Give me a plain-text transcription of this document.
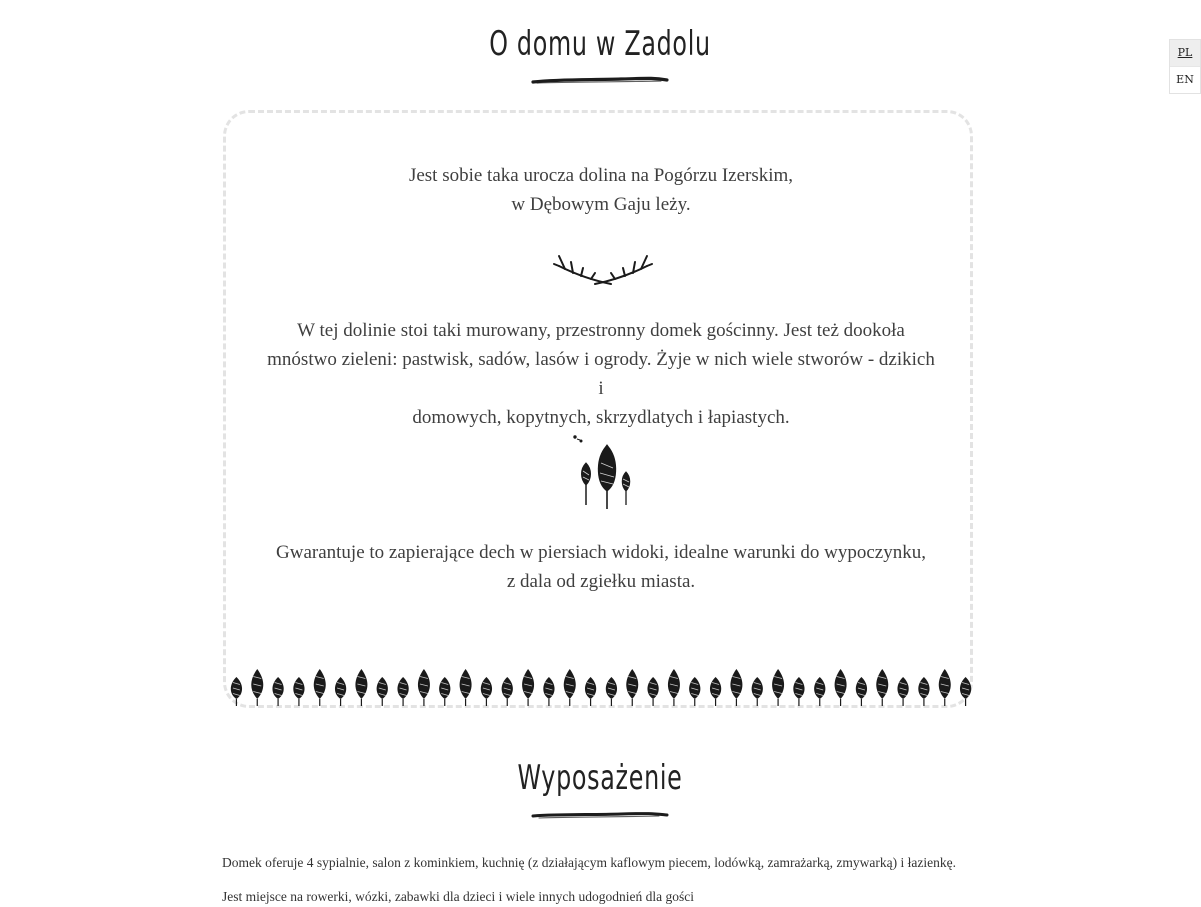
PL
EN
O domu w Zadolu

Jest sobie taka urocza dolina na Pogórzu Izerskim,
w Dębowym Gaju leży.

W tej dolinie stoi taki murowany, przestronny domek gościnny. Jest też dookoła
mnóstwo zieleni: pastwisk, sadów, lasów i ogrody. Żyje w nich wiele stworów - dzikich i
domowych, kopytnych, skrzydlatych i łapiastych.

Gwarantuje to zapierające dech w piersiach widoki, idealne warunki do wypoczynku,
z dala od zgiełku miasta.

Wyposażenie

Domek oferuje 4 sypialnie, salon z kominkiem, kuchnię (z działającym kaflowym piecem, lodówką, zamrażarką, zmywarką) i łazienkę.

Jest miejsce na rowerki, wózki, zabawki dla dzieci i wiele innych udogodnień dla gości
